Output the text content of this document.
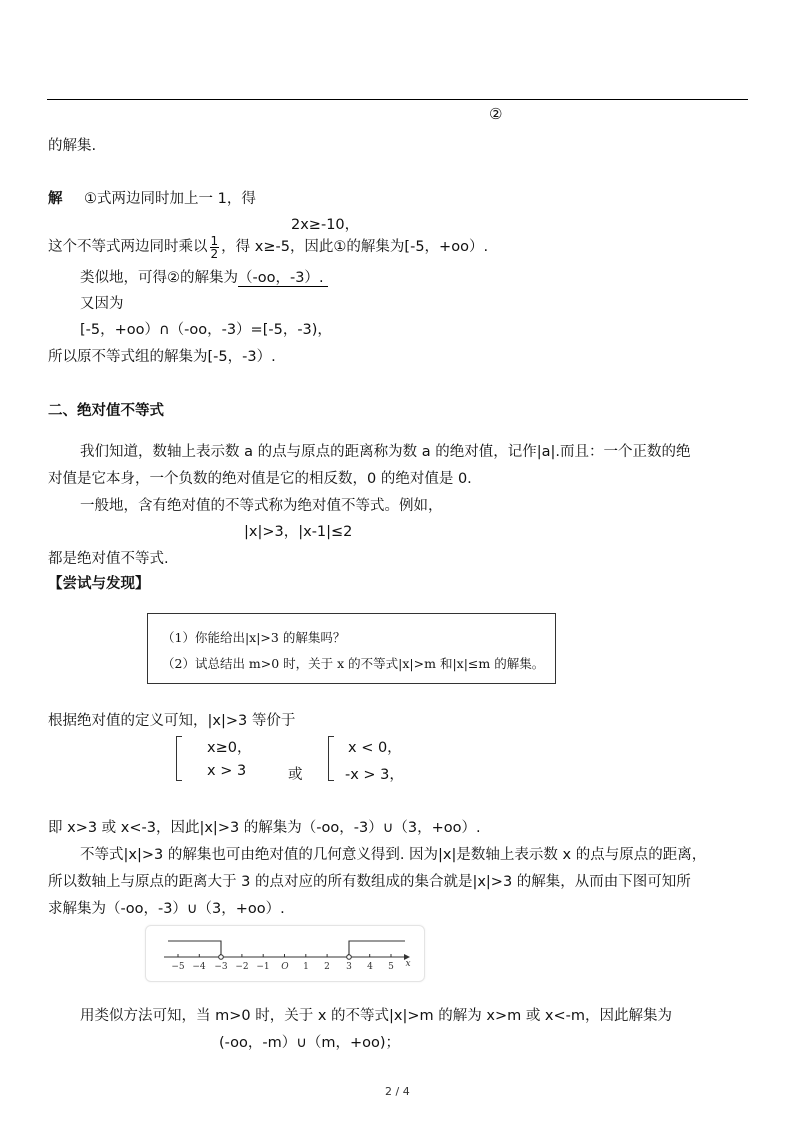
②
的解集.
解 ①式两边同时加上一 1，得
2x≥-10，
这个不等式两边同时乘以 $\frac{1}{2}$ ，得 x≥-5，因此①的解集为[-5，+oo）.
类似地，可得②的解集为（-oo，-3）.
又因为
[-5，+oo）∩（-oo，-3）=[-5，-3)，
所以原不等式组的解集为[-5，-3）.
二、绝对值不等式
我们知道，数轴上表示数 a 的点与原点的距离称为数 a 的绝对值，记作|a|.而且：一个正数的绝
对值是它本身，一个负数的绝对值是它的相反数，0 的绝对值是 0.
一般地，含有绝对值的不等式称为绝对值不等式。例如，
|x|>3，|x-1|≤2
都是绝对值不等式.
【尝试与发现】
（1）你能给出|x|>3 的解集吗？
（2）试总结出 m>0 时，关于 x 的不等式|x|>m 和|x|≤m 的解集。
根据绝对值的定义可知，|x|>3 等价于
x≥0，
x > 3	或
x < 0，
-x > 3，
即 x>3 或 x<-3，因此|x|>3 的解集为（-oo，-3）∪（3，+oo）.
不等式|x|>3 的解集也可由绝对值的几何意义得到. 因为|x|是数轴上表示数 x 的点与原点的距离，
所以数轴上与原点的距离大于 3 的点对应的所有数组成的集合就是|x|>3 的解集，从而由下图可知所
求解集为（-oo，-3）∪（3，+oo）.
−5 −4 −3 −2 −1 O 1 2 3 4 5 x
用类似方法可知，当 m>0 时，关于 x 的不等式|x|>m 的解为 x>m 或 x<-m，因此解集为
(-oo，-m）∪（m，+oo)；
2 / 4
